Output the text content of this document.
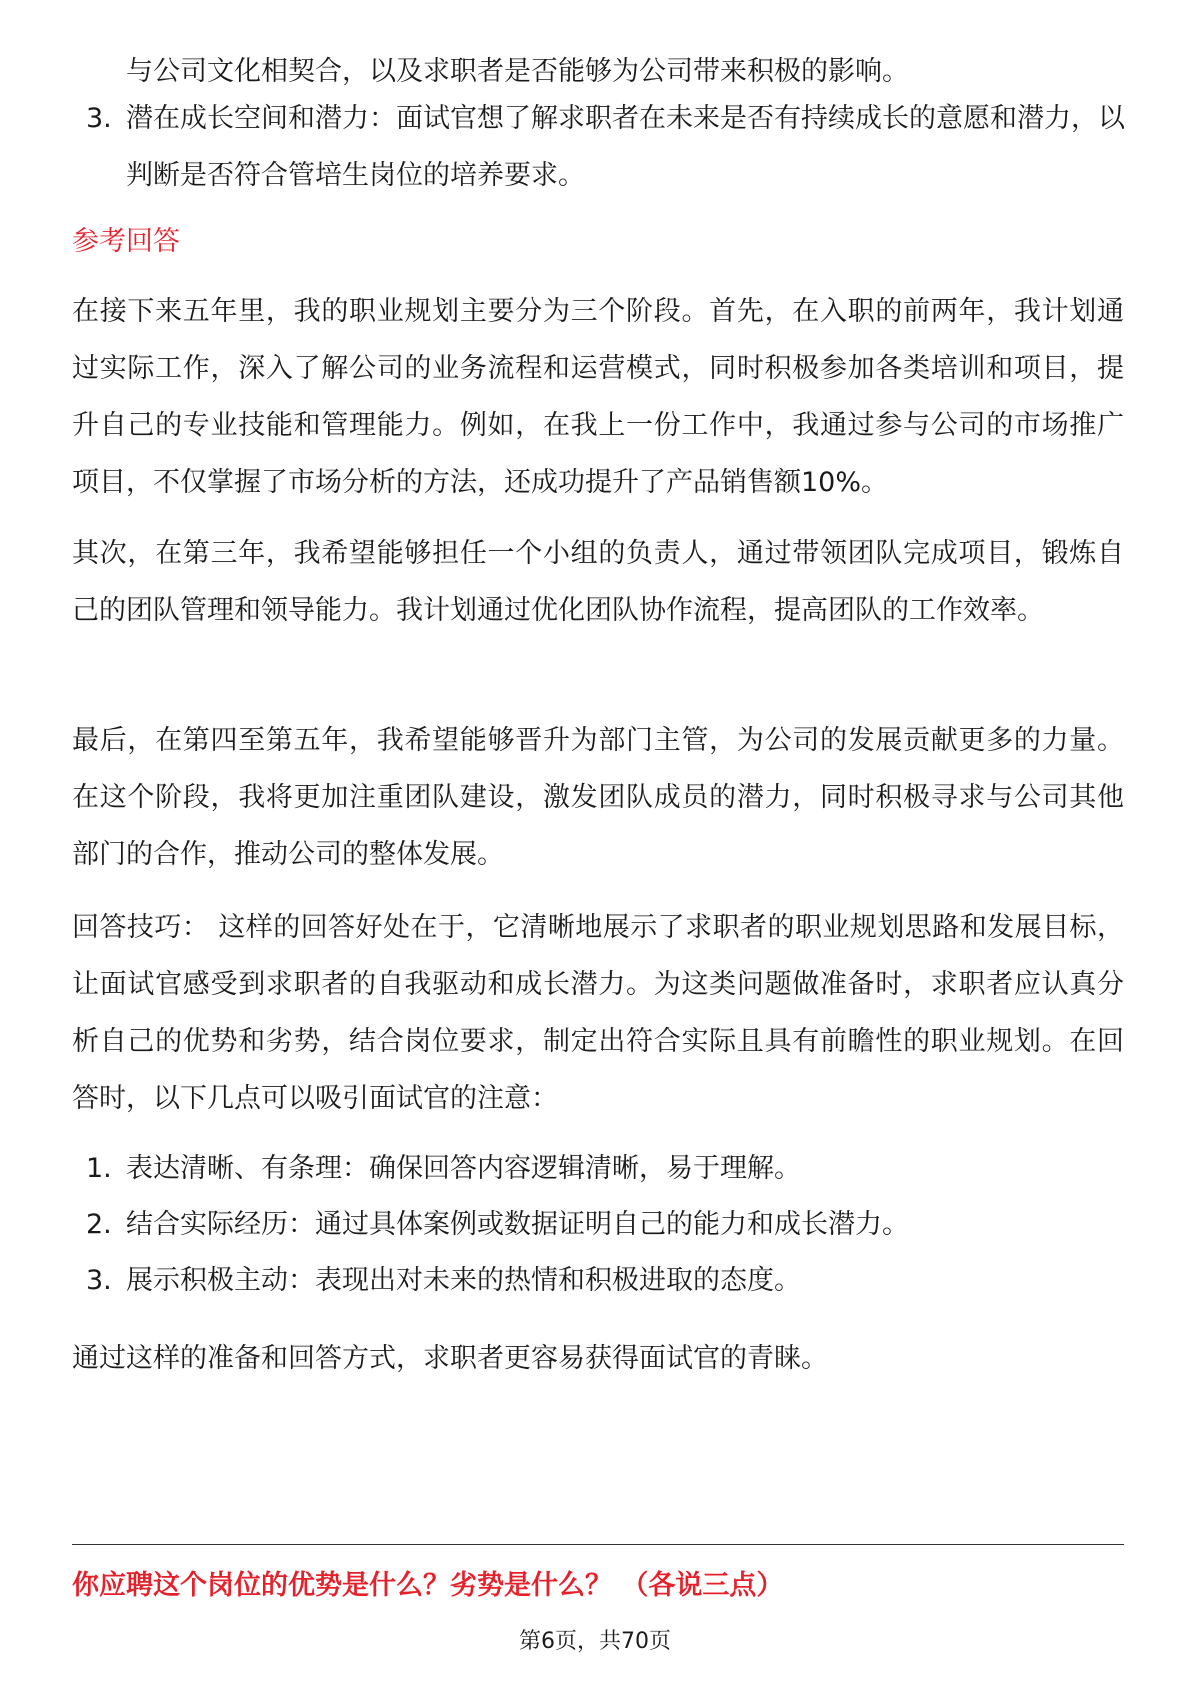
与公司文化相契合，以及求职者是否能够为公司带来积极的影响。
3. 潜在成长空间和潜力：面试官想了解求职者在未来是否有持续成长的意愿和潜力，以判断是否符合管培生岗位的培养要求。
参考回答
在接下来五年里，我的职业规划主要分为三个阶段。首先，在入职的前两年，我计划通过实际工作，深入了解公司的业务流程和运营模式，同时积极参加各类培训和项目，提升自己的专业技能和管理能力。例如，在我上一份工作中，我通过参与公司的市场推广项目，不仅掌握了市场分析的方法，还成功提升了产品销售额10%。
其次，在第三年，我希望能够担任一个小组的负责人，通过带领团队完成项目，锻炼自己的团队管理和领导能力。我计划通过优化团队协作流程，提高团队的工作效率。
最后，在第四至第五年，我希望能够晋升为部门主管，为公司的发展贡献更多的力量。在这个阶段，我将更加注重团队建设，激发团队成员的潜力，同时积极寻求与公司其他部门的合作，推动公司的整体发展。
回答技巧： 这样的回答好处在于，它清晰地展示了求职者的职业规划思路和发展目标，让面试官感受到求职者的自我驱动和成长潜力。为这类问题做准备时，求职者应认真分析自己的优势和劣势，结合岗位要求，制定出符合实际且具有前瞻性的职业规划。在回答时，以下几点可以吸引面试官的注意：
1. 表达清晰、有条理：确保回答内容逻辑清晰，易于理解。
2. 结合实际经历：通过具体案例或数据证明自己的能力和成长潜力。
3. 展示积极主动：表现出对未来的热情和积极进取的态度。
通过这样的准备和回答方式，求职者更容易获得面试官的青睐。
你应聘这个岗位的优势是什么？劣势是什么？ （各说三点）
第6页，共70页
